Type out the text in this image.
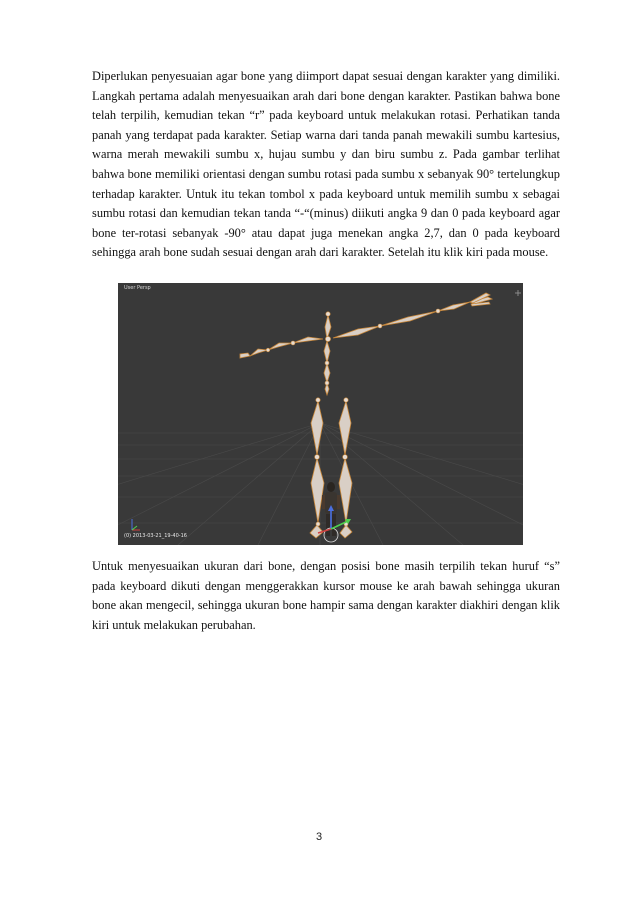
Diperlukan penyesuaian agar bone yang diimport dapat sesuai dengan karakter yang dimiliki. Langkah pertama adalah menyesuaikan arah dari bone dengan karakter. Pastikan bahwa bone telah terpilih, kemudian tekan “r” pada keyboard untuk melakukan rotasi. Perhatikan tanda panah yang terdapat pada karakter. Setiap warna dari tanda panah mewakili sumbu kartesius, warna merah mewakili sumbu x, hujau sumbu y dan biru sumbu z. Pada gambar terlihat bahwa bone memiliki orientasi dengan sumbu rotasi pada sumbu x sebanyak 90° tertelungkup terhadap karakter. Untuk itu tekan tombol x pada keyboard untuk memilih sumbu x sebagai sumbu rotasi dan kemudian tekan tanda “-“(minus) diikuti angka 9 dan 0 pada keyboard agar bone ter-rotasi sebanyak -90° atau dapat juga menekan angka 2,7, dan 0 pada keyboard sehingga arah bone sudah sesuai dengan arah dari karakter. Setelah itu klik kiri pada mouse.

User Persp
(0) 2013-03-21_19-40-16

Untuk menyesuaikan ukuran dari bone, dengan posisi bone masih terpilih tekan huruf “s” pada keyboard dikuti dengan menggerakkan kursor mouse ke arah bawah sehingga ukuran bone akan mengecil, sehingga ukuran bone hampir sama dengan karakter diakhiri dengan klik kiri untuk melakukan perubahan.

3
